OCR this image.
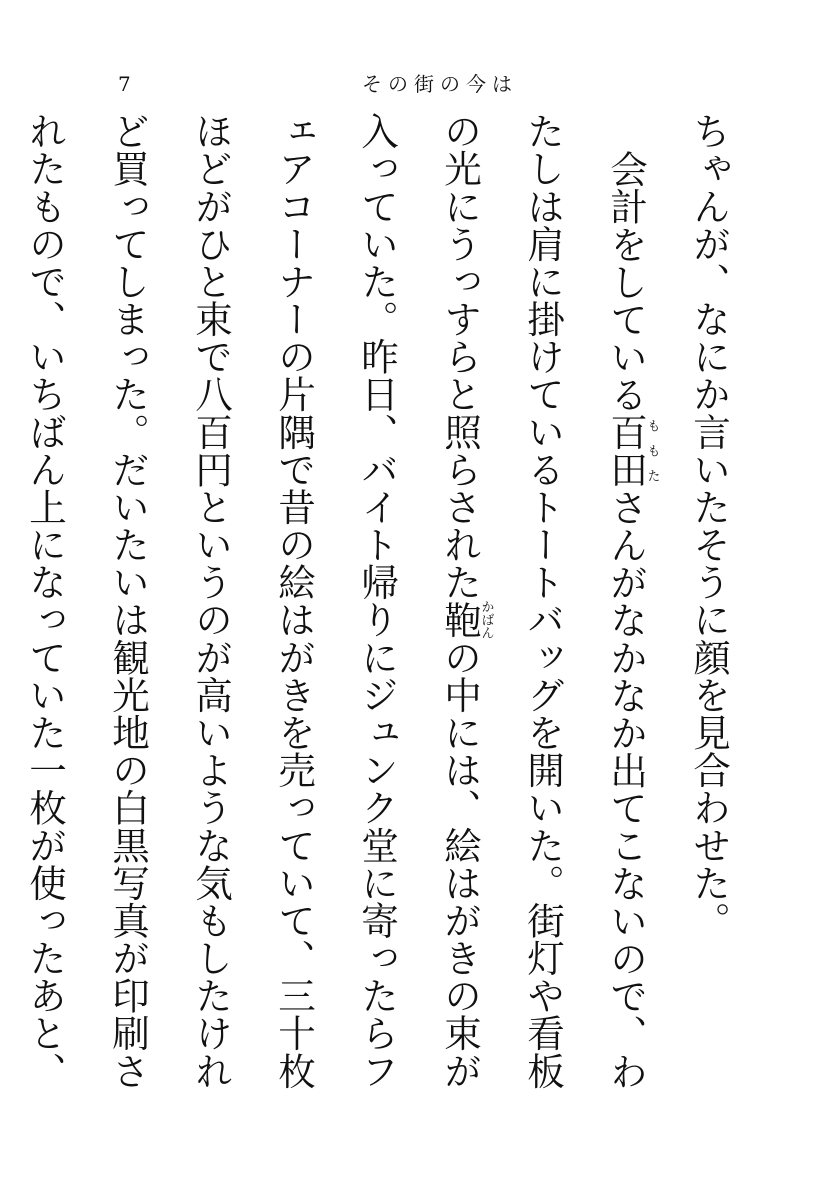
7	その街の今は

ちゃんが、なにか言いたそうに顔を見合わせた。

会計をしている百田ももたさんがなかなか出てこないので、わたしは肩に掛けているトートバッグを開いた。街灯や看板の光にうっすらと照らされた鞄かばんの中には、絵はがきの束が入っていた。昨日、バイト帰りにジュンク堂に寄ったらフェアコーナーの片隅で昔の絵はがきを売っていて、三十枚ほどがひと束で八百円というのが高いような気もしたけれど買ってしまった。だいたいは観光地の白黒写真が印刷されたもので、いちばん上になっていた一枚が使ったあと、
